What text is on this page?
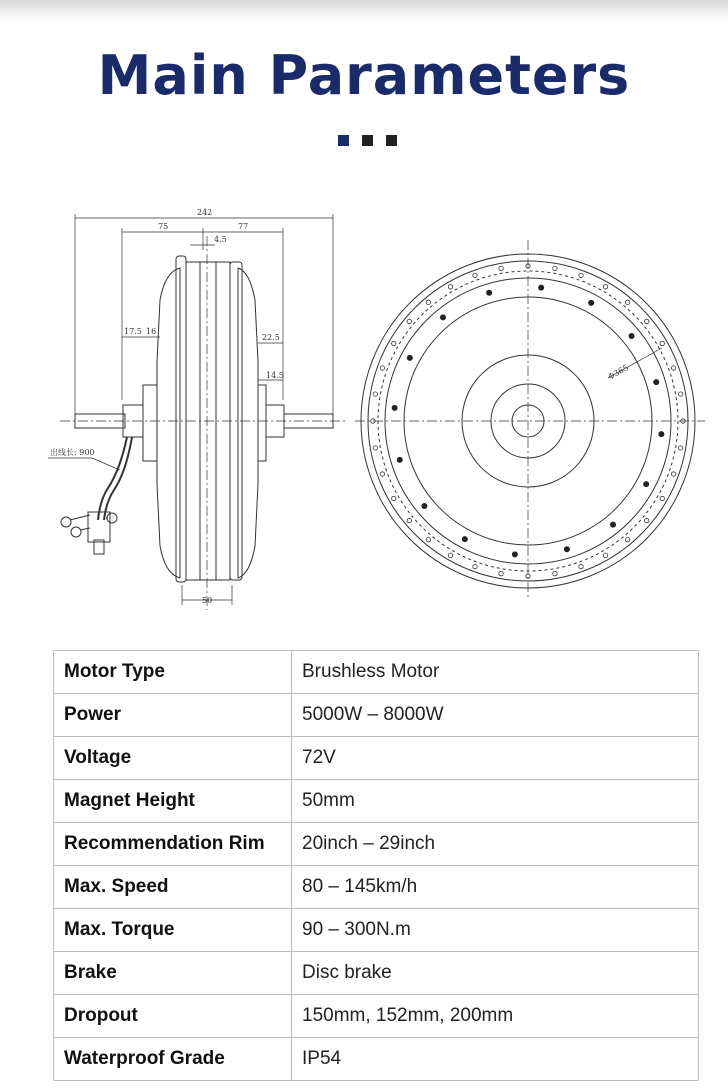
Main Parameters
242
75	77
4.5
17.5 16
22.5
14.5
50
出线长: 900
Φ365
Motor Type	Brushless Motor
Power	5000W – 8000W
Voltage	72V
Magnet Height	50mm
Recommendation Rim	20inch – 29inch
Max. Speed	80 – 145km/h
Max. Torque	90 – 300N.m
Brake	Disc brake
Dropout	150mm, 152mm, 200mm
Waterproof Grade	IP54
